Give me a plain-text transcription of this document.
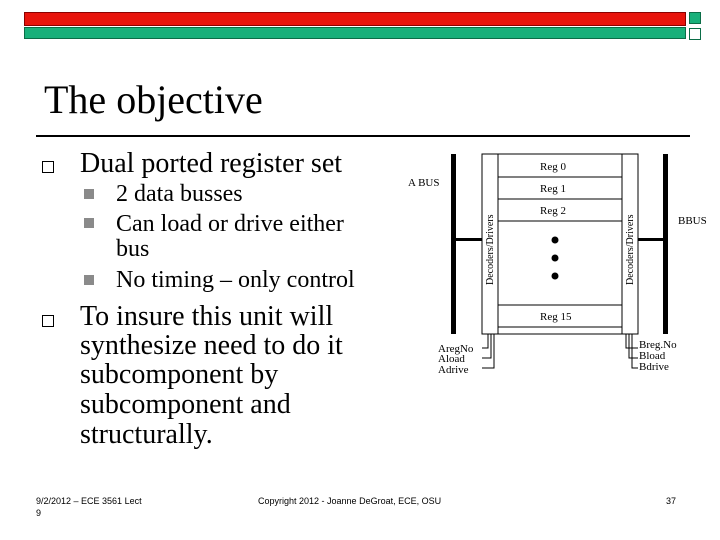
The objective
Dual ported register set
2 data busses
Can load or drive either
bus
No timing – only control
To insure this unit will
synthesize need to do it
subcomponent by
subcomponent and
structurally.
A BUS
BBUS
Decoders/Drivers	Decoders/Drivers
Reg 0
Reg 1
Reg 2
Reg 15
AregNo
Aload
Adrive
Breg.No
Bload
Bdrive
9/2/2012 – ECE 3561 Lect
9
Copyright 2012 - Joanne DeGroat, ECE, OSU	37
